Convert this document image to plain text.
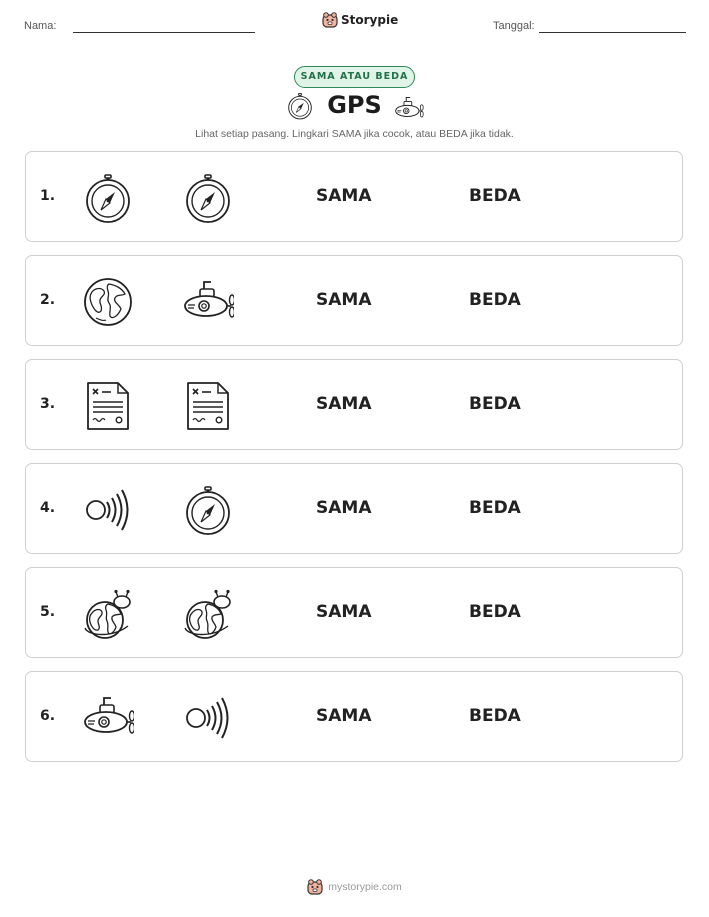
Nama:	Storypie	Tanggal:
SAMA ATAU BEDA
GPS
Lihat setiap pasang. Lingkari SAMA jika cocok, atau BEDA jika tidak.
1.	SAMA	BEDA
2.	SAMA	BEDA
3.	SAMA	BEDA
4.	SAMA	BEDA
5.	SAMA	BEDA
6.	SAMA	BEDA
mystorypie.com
